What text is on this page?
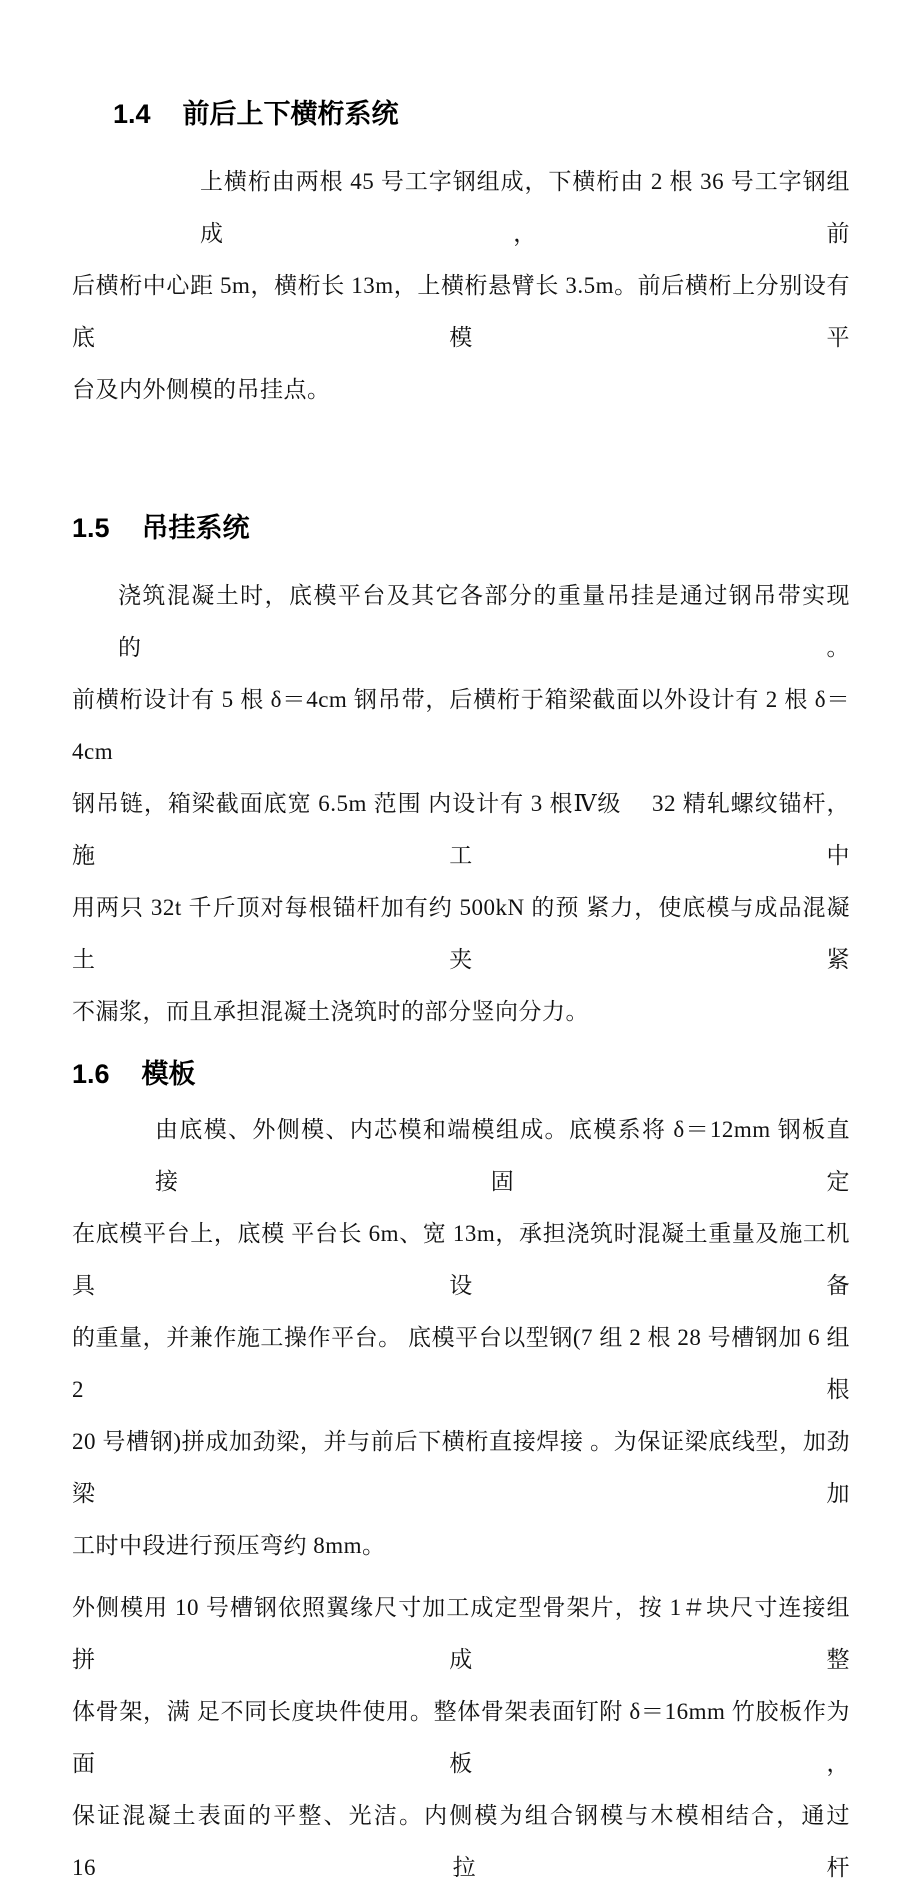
1.4 前后上下横桁系统
上横桁由两根 45 号工字钢组成，下横桁由 2 根 36 号工字钢组成，前
后横桁中心距 5m，横桁长 13m，上横桁悬臂长 3.5m。前后横桁上分别设有底模平
台及内外侧模的吊挂点。
1.5 吊挂系统
浇筑混凝土时，底模平台及其它各部分的重量吊挂是通过钢吊带实现的。
前横桁设计有 5 根 δ＝4cm 钢吊带，后横桁于箱梁截面以外设计有 2 根 δ＝4cm
钢吊链，箱梁截面底宽 6.5m 范围 内设计有 3 根Ⅳ级　 32 精轧螺纹锚杆，施工中
用两只 32t 千斤顶对每根锚杆加有约 500kN 的预 紧力，使底模与成品混凝土夹紧
不漏浆，而且承担混凝土浇筑时的部分竖向分力。
1.6 模板
由底模、外侧模、内芯模和端模组成。底模系将 δ＝12mm 钢板直接固定
在底模平台上，底模 平台长 6m、宽 13m，承担浇筑时混凝土重量及施工机具设备
的重量，并兼作施工操作平台。 底模平台以型钢(7 组 2 根 28 号槽钢加 6 组 2 根
20 号槽钢)拼成加劲梁，并与前后下横桁直接焊接 。为保证梁底线型，加劲梁加
工时中段进行预压弯约 8mm。
外侧模用 10 号槽钢依照翼缘尺寸加工成定型骨架片，按 1＃块尺寸连接组拼成整
体骨架，满 足不同长度块件使用。整体骨架表面钉附 δ＝16mm 竹胶板作为面板，
保证混凝土表面的平整、光洁。内侧模为组合钢模与木模相结合，通过　 16 拉杆
